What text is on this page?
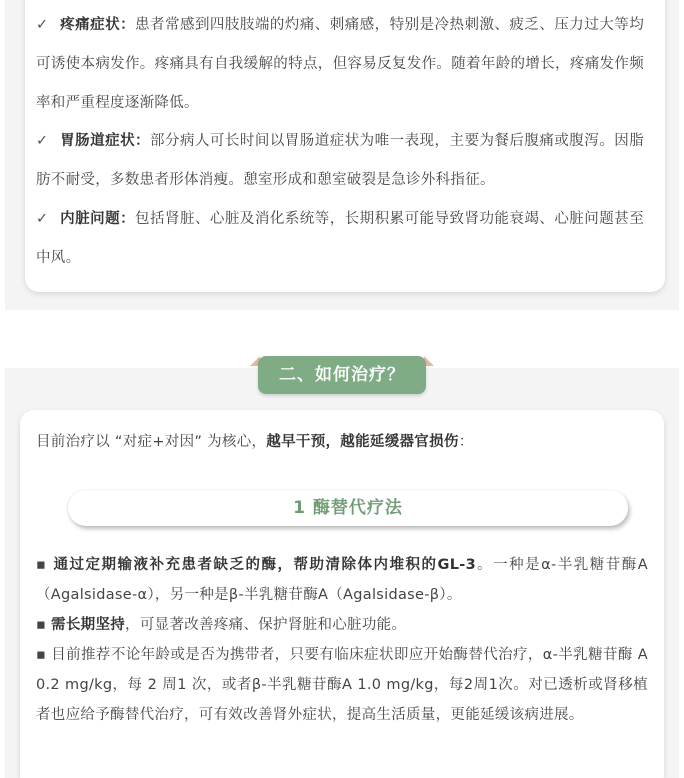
✓ 疼痛症状：患者常感到四肢肢端的灼痛、刺痛感，特别是冷热刺激、疲乏、压力过大等均可诱使本病发作。疼痛具有自我缓解的特点，但容易反复发作。随着年龄的增长，疼痛发作频率和严重程度逐渐降低。
✓ 胃肠道症状：部分病人可长时间以胃肠道症状为唯一表现，主要为餐后腹痛或腹泻。因脂肪不耐受，多数患者形体消瘦。憩室形成和憩室破裂是急诊外科指征。
✓ 内脏问题：包括肾脏、心脏及消化系统等，长期积累可能导致肾功能衰竭、心脏问题甚至中风。
二、如何治疗？
目前治疗以 “对症+对因” 为核心，越早干预，越能延缓器官损伤：
1 酶替代疗法

▪ 通过定期输液补充患者缺乏的酶，帮助清除体内堆积的GL-3。一种是α-半乳糖苷酶A（Agalsidase-α），另一种是β-半乳糖苷酶A（Agalsidase-β）。

▪ 需长期坚持，可显著改善疼痛、保护肾脏和心脏功能。

▪ 目前推荐不论年龄或是否为携带者，只要有临床症状即应开始酶替代治疗，α-半乳糖苷酶 A 0.2 mg/kg，每 2 周1 次，或者β-半乳糖苷酶A 1.0 mg/kg，每2周1次。对已透析或肾移植者也应给予酶替代治疗，可有效改善肾外症状，提高生活质量，更能延缓该病进展。
